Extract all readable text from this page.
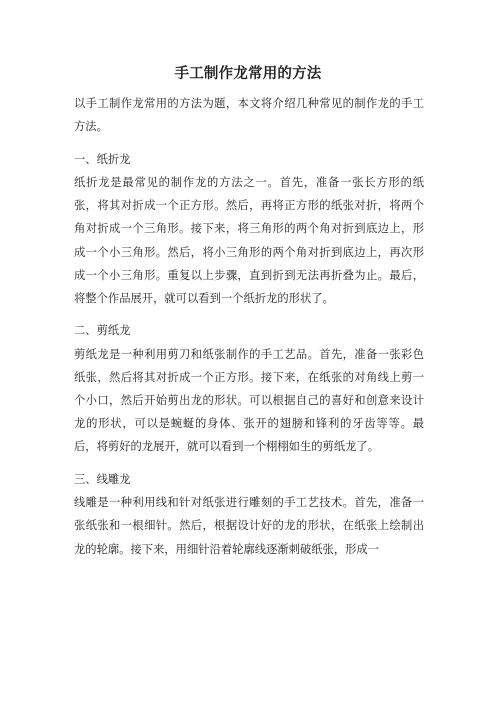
手工制作龙常用的方法

以手工制作龙常用的方法为题，本文将介绍几种常见的制作龙的手工方法。

一、纸折龙

纸折龙是最常见的制作龙的方法之一。首先，准备一张长方形的纸张，将其对折成一个正方形。然后，再将正方形的纸张对折，将两个角对折成一个三角形。接下来，将三角形的两个角对折到底边上，形成一个小三角形。然后，将小三角形的两个角对折到底边上，再次形成一个小三角形。重复以上步骤，直到折到无法再折叠为止。最后，将整个作品展开，就可以看到一个纸折龙的形状了。

二、剪纸龙

剪纸龙是一种利用剪刀和纸张制作的手工艺品。首先，准备一张彩色纸张，然后将其对折成一个正方形。接下来，在纸张的对角线上剪一个小口，然后开始剪出龙的形状。可以根据自己的喜好和创意来设计龙的形状，可以是蜿蜒的身体、张开的翅膀和锋利的牙齿等等。最后，将剪好的龙展开，就可以看到一个栩栩如生的剪纸龙了。

三、线雕龙

线雕是一种利用线和针对纸张进行雕刻的手工艺技术。首先，准备一张纸张和一根细针。然后，根据设计好的龙的形状，在纸张上绘制出龙的轮廓。接下来，用细针沿着轮廓线逐渐刺破纸张，形成一
